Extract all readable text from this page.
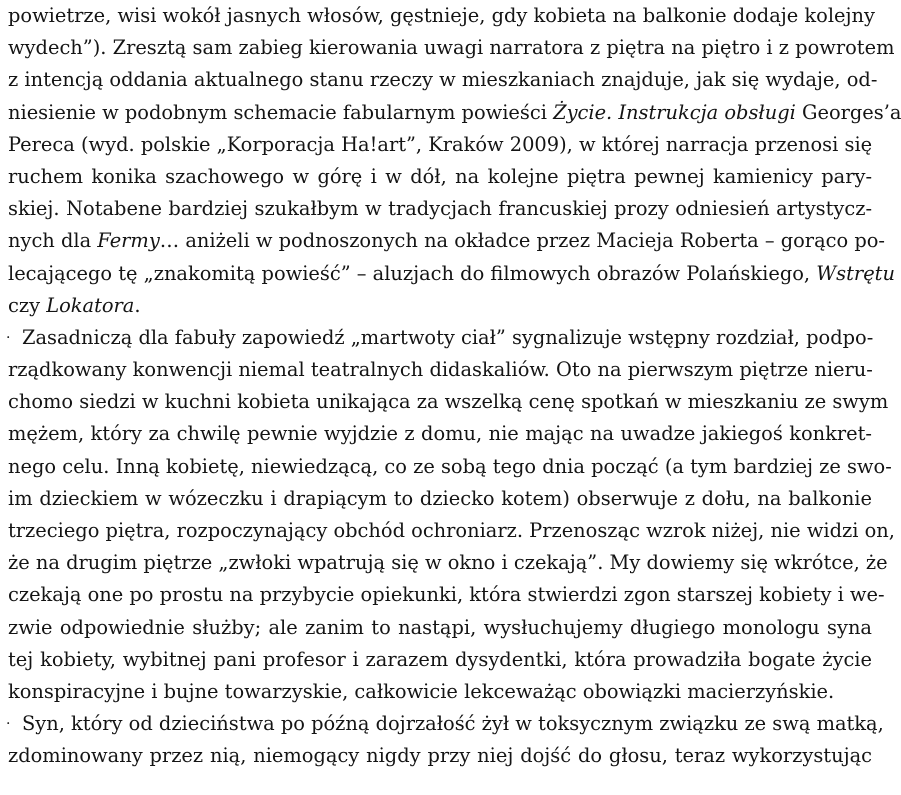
powietrze, wisi wokół jasnych włosów, gęstnieje, gdy kobieta na balkonie dodaje kolejny
wydech”). Zresztą sam zabieg kierowania uwagi narratora z piętra na piętro i z powrotem
z intencją oddania aktualnego stanu rzeczy w mieszkaniach znajduje, jak się wydaje, od-
niesienie w podobnym schemacie fabularnym powieści Życie. Instrukcja obsługi Georges’a
Pereca (wyd. polskie „Korporacja Ha!art”, Kraków 2009), w której narracja przenosi się
ruchem konika szachowego w górę i w dół, na kolejne piętra pewnej kamienicy pary-
skiej. Notabene bardziej szukałbym w tradycjach francuskiej prozy odniesień artystycz-
nych dla Fermy… aniżeli w podnoszonych na okładce przez Macieja Roberta – gorąco po-
lecającego tę „znakomitą powieść” – aluzjach do filmowych obrazów Polańskiego, Wstrętu
czy Lokatora.
· Zasadniczą dla fabuły zapowiedź „martwoty ciał” sygnalizuje wstępny rozdział, podpo-
rządkowany konwencji niemal teatralnych didaskaliów. Oto na pierwszym piętrze nieru-
chomo siedzi w kuchni kobieta unikająca za wszelką cenę spotkań w mieszkaniu ze swym
mężem, który za chwilę pewnie wyjdzie z domu, nie mając na uwadze jakiegoś konkret-
nego celu. Inną kobietę, niewiedzącą, co ze sobą tego dnia począć (a tym bardziej ze swo-
im dzieckiem w wózeczku i drapiącym to dziecko kotem) obserwuje z dołu, na balkonie
trzeciego piętra, rozpoczynający obchód ochroniarz. Przenosząc wzrok niżej, nie widzi on,
że na drugim piętrze „zwłoki wpatrują się w okno i czekają”. My dowiemy się wkrótce, że
czekają one po prostu na przybycie opiekunki, która stwierdzi zgon starszej kobiety i we-
zwie odpowiednie służby; ale zanim to nastąpi, wysłuchujemy długiego monologu syna
tej kobiety, wybitnej pani profesor i zarazem dysydentki, która prowadziła bogate życie
konspiracyjne i bujne towarzyskie, całkowicie lekceważąc obowiązki macierzyńskie.
· Syn, który od dzieciństwa po późną dojrzałość żył w toksycznym związku ze swą matką,
zdominowany przez nią, niemogący nigdy przy niej dojść do głosu, teraz wykorzystując
